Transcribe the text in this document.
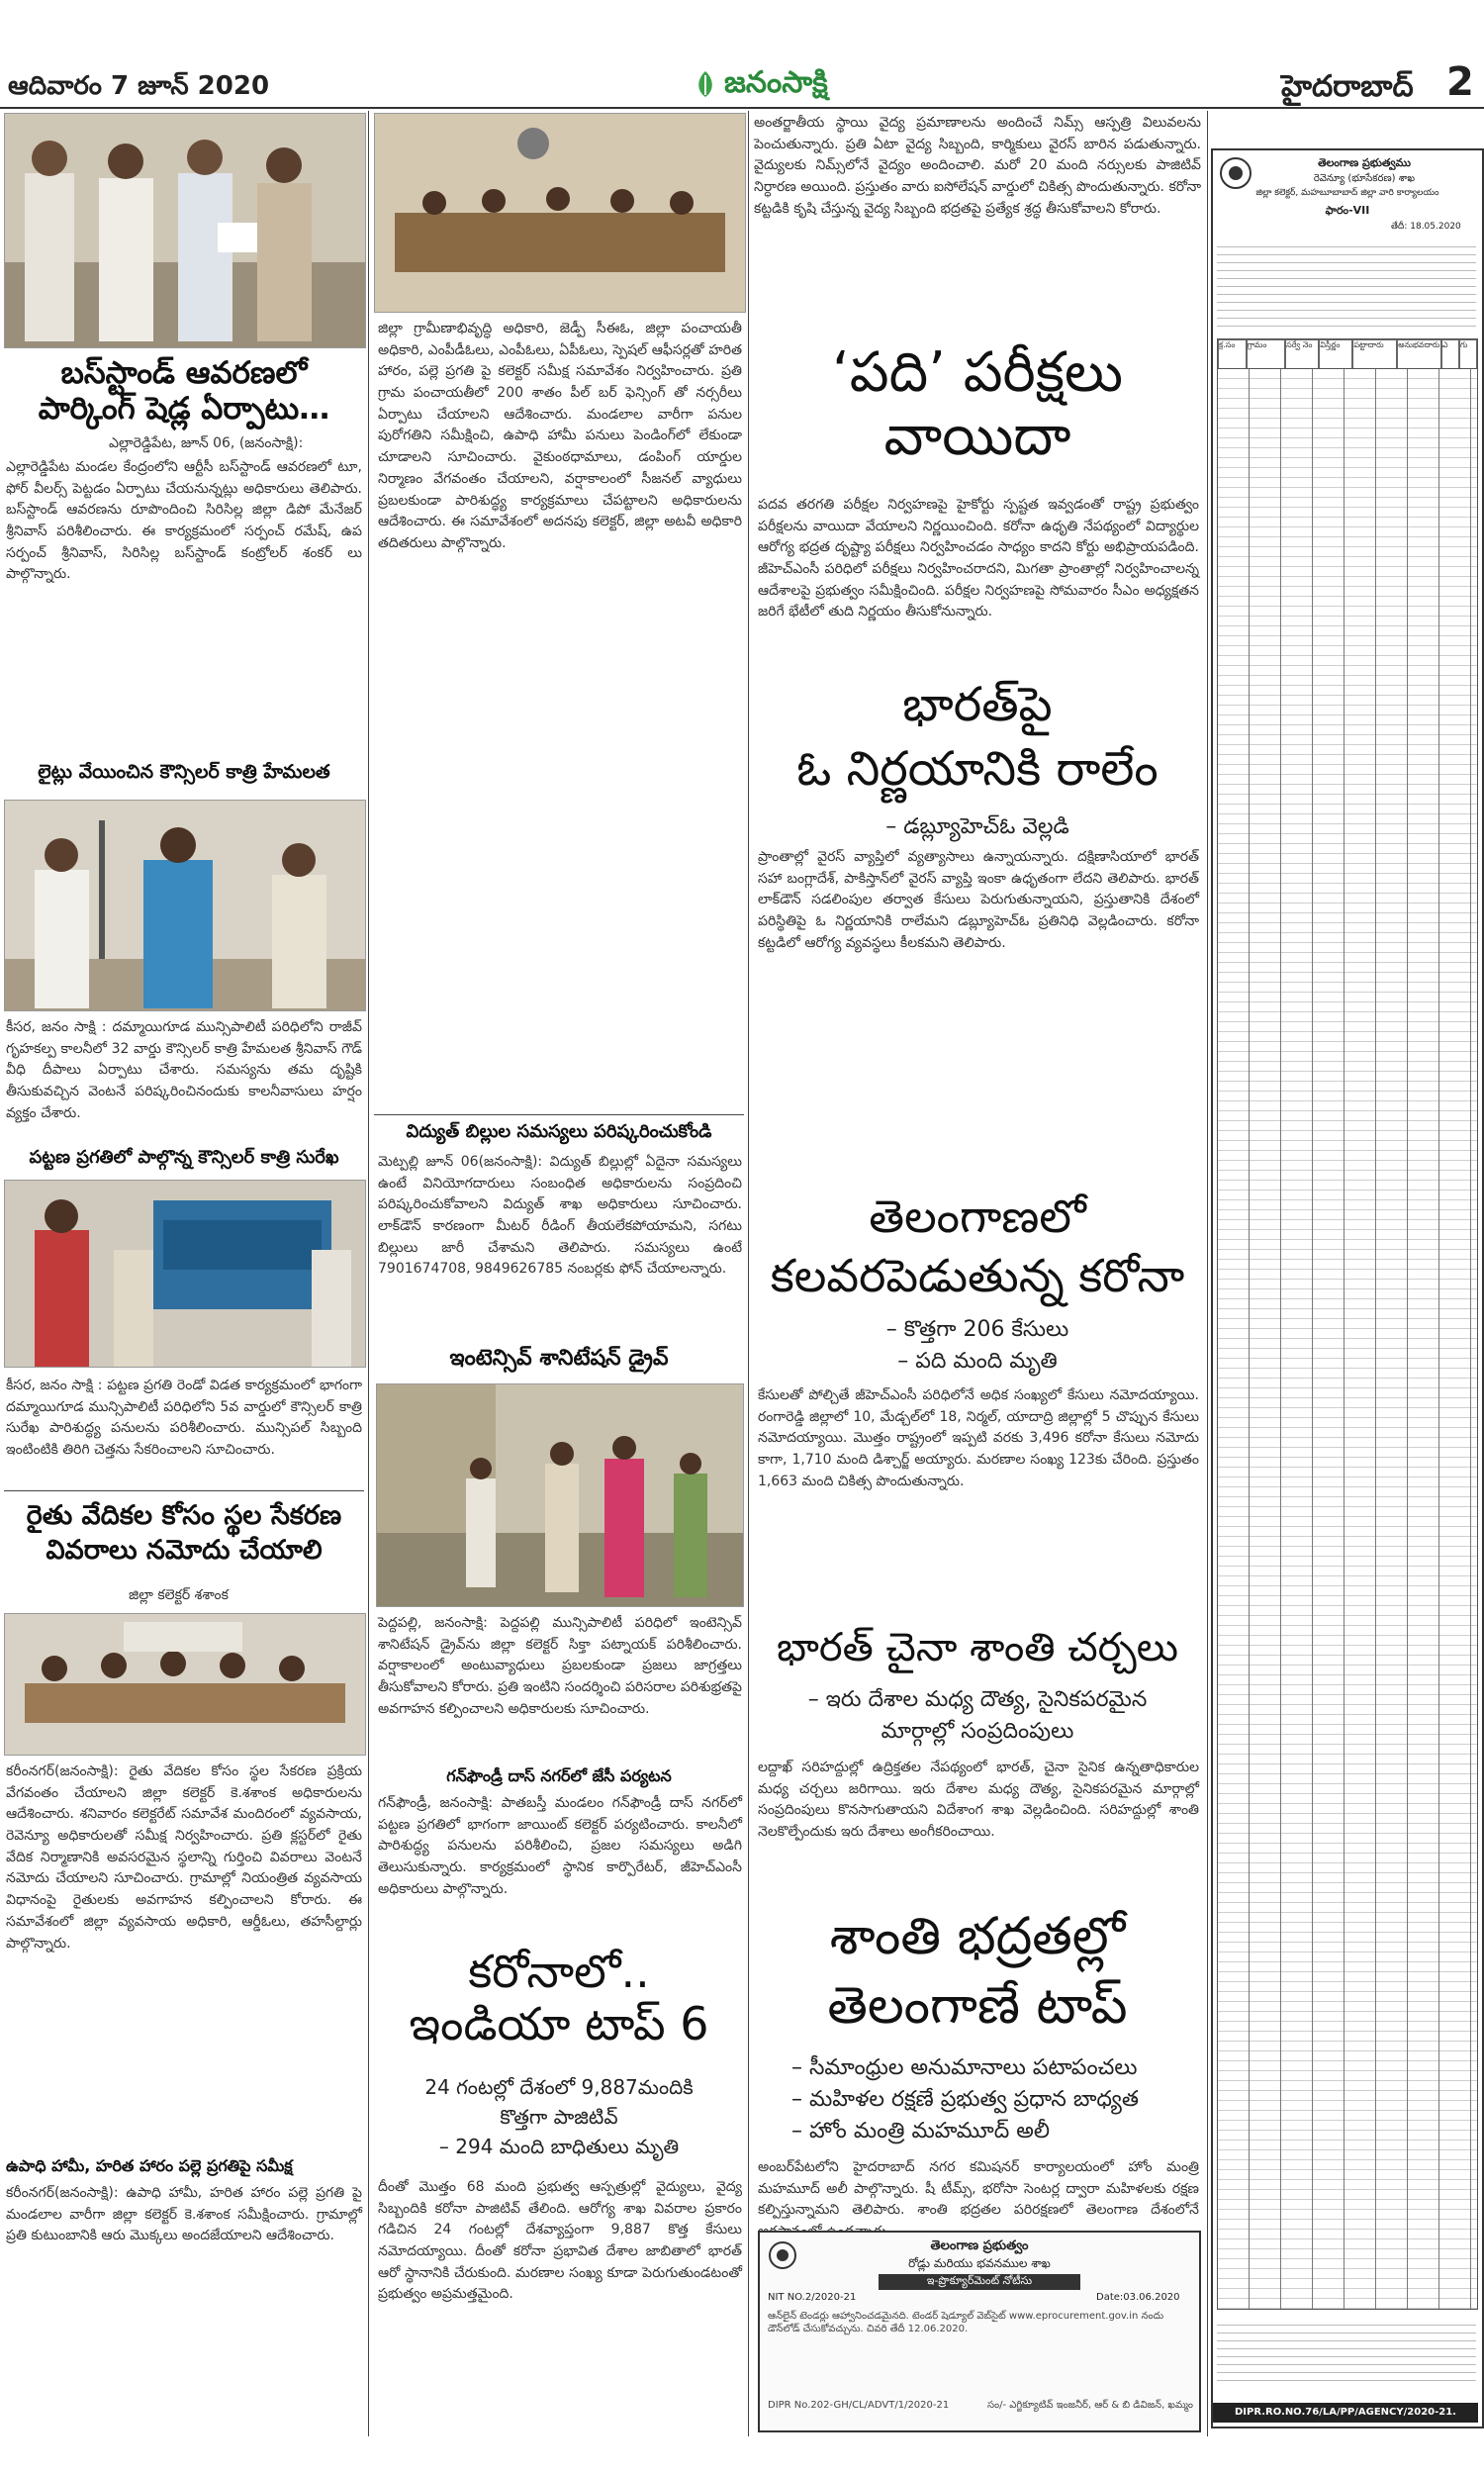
ఆదివారం 7 జూన్ 2020	జనంసాక్షి	హైదరాబాద్ 2
బస్‌స్టాండ్ ఆవరణలో
పార్కింగ్ షెడ్ల ఏర్పాటు…
ఎల్లారెడ్డిపేట, జూన్ 06, (జనంసాక్షి):
ఎల్లారెడ్డిపేట మండల కేంద్రంలోని ఆర్టీసీ బస్‌స్టాండ్ ఆవరణలో టూ, ఫోర్ వీలర్స్ పెట్టడం ఏర్పాటు చేయనున్నట్లు అధికారులు తెలిపారు. బస్‌స్టాండ్ ఆవరణను రూపొందించి సిరిసిల్ల జిల్లా డిపో మేనేజర్ శ్రీనివాస్ పరిశీలించారు. ఈ కార్యక్రమంలో సర్పంచ్ రమేష్, ఉప సర్పంచ్ శ్రీనివాస్, సిరిసిల్ల బస్‌స్టాండ్ కంట్రోలర్ శంకర్ లు పాల్గొన్నారు.
లైట్లు వేయించిన కౌన్సిలర్ కాత్రి హేమలత
కీసర, జనం సాక్షి : దమ్మాయిగూడ మున్సిపాలిటీ పరిధిలోని రాజీవ్ గృహకల్ప కాలనీలో 32 వార్డు కౌన్సిలర్ కాత్రి హేమలత శ్రీనివాస్ గౌడ్ వీధి దీపాలు ఏర్పాటు చేశారు. సమస్యను తమ దృష్టికి తీసుకువచ్చిన వెంటనే పరిష్కరించినందుకు కాలనీవాసులు హర్షం వ్యక్తం చేశారు.
పట్టణ ప్రగతిలో పాల్గొన్న కౌన్సిలర్ కాత్రి సురేఖ
కీసర, జనం సాక్షి : పట్టణ ప్రగతి రెండో విడత కార్యక్రమంలో భాగంగా దమ్మాయిగూడ మున్సిపాలిటీ పరిధిలోని 5వ వార్డులో కౌన్సిలర్ కాత్రి సురేఖ పారిశుద్ధ్య పనులను పరిశీలించారు. మున్సిపల్ సిబ్బంది ఇంటింటికి తిరిగి చెత్తను సేకరించాలని సూచించారు.
రైతు వేదికల కోసం స్థల సేకరణ
వివరాలు నమోదు చేయాలి
జిల్లా కలెక్టర్ శశాంక
కరీంనగర్(జనంసాక్షి): రైతు వేదికల కోసం స్థల సేకరణ ప్రక్రియ వేగవంతం చేయాలని జిల్లా కలెక్టర్ కె.శశాంక అధికారులను ఆదేశించారు. శనివారం కలెక్టరేట్ సమావేశ మందిరంలో వ్యవసాయ, రెవెన్యూ అధికారులతో సమీక్ష నిర్వహించారు. ప్రతి క్లస్టర్‌లో రైతు వేదిక నిర్మాణానికి అవసరమైన స్థలాన్ని గుర్తించి వివరాలు వెంటనే నమోదు చేయాలని సూచించారు. గ్రామాల్లో నియంత్రిత వ్యవసాయ విధానంపై రైతులకు అవగాహన కల్పించాలని కోరారు. ఈ సమావేశంలో జిల్లా వ్యవసాయ అధికారి, ఆర్డీఓలు, తహసీల్దార్లు పాల్గొన్నారు.
ఉపాధి హామీ, హరిత హారం పల్లె ప్రగతిపై సమీక్ష
కరీంనగర్(జనంసాక్షి): ఉపాధి హామీ, హరిత హారం పల్లె ప్రగతి పై మండలాల వారీగా జిల్లా కలెక్టర్ కె.శశాంక సమీక్షించారు. గ్రామాల్లో ప్రతి కుటుంబానికి ఆరు మొక్కలు అందజేయాలని ఆదేశించారు.
జిల్లా గ్రామీణాభివృద్ధి అధికారి, జెడ్పీ సీఈఓ, జిల్లా పంచాయతీ అధికారి, ఎంపీడీఓలు, ఎంపీఓలు, ఏపీఓలు, స్పెషల్ ఆఫీసర్లతో హరిత హారం, పల్లె ప్రగతి పై కలెక్టర్ సమీక్ష సమావేశం నిర్వహించారు. ప్రతి గ్రామ పంచాయతీలో 200 శాతం పీల్ బర్ ఫెన్సింగ్ తో నర్సరీలు ఏర్పాటు చేయాలని ఆదేశించారు. మండలాల వారీగా పనుల పురోగతిని సమీక్షించి, ఉపాధి హామీ పనులు పెండింగ్‌లో లేకుండా చూడాలని సూచించారు. వైకుంఠధామాలు, డంపింగ్ యార్డుల నిర్మాణం వేగవంతం చేయాలని, వర్షాకాలంలో సీజనల్ వ్యాధులు ప్రబలకుండా పారిశుద్ధ్య కార్యక్రమాలు చేపట్టాలని అధికారులను ఆదేశించారు. ఈ సమావేశంలో అదనపు కలెక్టర్, జిల్లా అటవీ అధికారి తదితరులు పాల్గొన్నారు.
విద్యుత్ బిల్లుల సమస్యలు పరిష్కరించుకోండి
మెట్పల్లి జూన్ 06(జనంసాక్షి): విద్యుత్ బిల్లుల్లో ఏదైనా సమస్యలు ఉంటే వినియోగదారులు సంబంధిత అధికారులను సంప్రదించి పరిష్కరించుకోవాలని విద్యుత్ శాఖ అధికారులు సూచించారు. లాక్‌డౌన్ కారణంగా మీటర్ రీడింగ్ తీయలేకపోయామని, సగటు బిల్లులు జారీ చేశామని తెలిపారు. సమస్యలు ఉంటే 7901674708, 9849626785 నంబర్లకు ఫోన్ చేయాలన్నారు.
ఇంటెన్సివ్ శానిటేషన్ డ్రైవ్
పెద్దపల్లి, జనంసాక్షి: పెద్దపల్లి మున్సిపాలిటీ పరిధిలో ఇంటెన్సివ్ శానిటేషన్ డ్రైవ్‌ను జిల్లా కలెక్టర్ సిక్తా పట్నాయక్ పరిశీలించారు. వర్షాకాలంలో అంటువ్యాధులు ప్రబలకుండా ప్రజలు జాగ్రత్తలు తీసుకోవాలని కోరారు. ప్రతి ఇంటిని సందర్శించి పరిసరాల పరిశుభ్రతపై అవగాహన కల్పించాలని అధికారులకు సూచించారు.
గన్‌ఫౌండ్రీ దాస్ నగర్‌లో జేసీ పర్యటన
గన్‌ఫౌండ్రీ, జనంసాక్షి: పాతబస్తీ మండలం గన్‌ఫౌండ్రీ దాస్ నగర్‌లో పట్టణ ప్రగతిలో భాగంగా జాయింట్ కలెక్టర్ పర్యటించారు. కాలనీలో పారిశుద్ధ్య పనులను పరిశీలించి, ప్రజల సమస్యలు అడిగి తెలుసుకున్నారు. కార్యక్రమంలో స్థానిక కార్పొరేటర్, జీహెచ్ఎంసీ అధికారులు పాల్గొన్నారు.
కరోనాలో..
ఇండియా టాప్ 6
24 గంటల్లో దేశంలో 9,887మందికి
కొత్తగా పాజిటివ్
– 294 మంది బాధితులు మృతి
దీంతో మొత్తం 68 మంది ప్రభుత్వ ఆస్పత్రుల్లో వైద్యులు, వైద్య సిబ్బందికి కరోనా పాజిటివ్ తేలింది. ఆరోగ్య శాఖ వివరాల ప్రకారం గడిచిన 24 గంటల్లో దేశవ్యాప్తంగా 9,887 కొత్త కేసులు నమోదయ్యాయి. దీంతో కరోనా ప్రభావిత దేశాల జాబితాలో భారత్ ఆరో స్థానానికి చేరుకుంది. మరణాల సంఖ్య కూడా పెరుగుతుండటంతో ప్రభుత్వం అప్రమత్తమైంది.
అంతర్జాతీయ స్థాయి వైద్య ప్రమాణాలను అందించే నిమ్స్ ఆస్పత్రి విలువలను పెంచుతున్నారు. ప్రతి ఏటా వైద్య సిబ్బంది, కార్మికులు వైరస్ బారిన పడుతున్నారు. వైద్యులకు నిమ్స్‌లోనే వైద్యం అందించాలి. మరో 20 మంది నర్సులకు పాజిటివ్ నిర్ధారణ అయింది. ప్రస్తుతం వారు ఐసోలేషన్ వార్డులో చికిత్స పొందుతున్నారు. కరోనా కట్టడికి కృషి చేస్తున్న వైద్య సిబ్బంది భద్రతపై ప్రత్యేక శ్రద్ధ తీసుకోవాలని కోరారు.
‘పది’ పరీక్షలు
వాయిదా
పదవ తరగతి పరీక్షల నిర్వహణపై హైకోర్టు స్పష్టత ఇవ్వడంతో రాష్ట్ర ప్రభుత్వం పరీక్షలను వాయిదా వేయాలని నిర్ణయించింది. కరోనా ఉధృతి నేపథ్యంలో విద్యార్థుల ఆరోగ్య భద్రత దృష్ట్యా పరీక్షలు నిర్వహించడం సాధ్యం కాదని కోర్టు అభిప్రాయపడింది. జీహెచ్ఎంసీ పరిధిలో పరీక్షలు నిర్వహించరాదని, మిగతా ప్రాంతాల్లో నిర్వహించాలన్న ఆదేశాలపై ప్రభుత్వం సమీక్షించింది. పరీక్షల నిర్వహణపై సోమవారం సీఎం అధ్యక్షతన జరిగే భేటీలో తుది నిర్ణయం తీసుకోనున్నారు.
భారత్‌పై
ఓ నిర్ణయానికి రాలేం
– డబ్ల్యూహెచ్ఓ వెల్లడి
ప్రాంతాల్లో వైరస్ వ్యాప్తిలో వ్యత్యాసాలు ఉన్నాయన్నారు. దక్షిణాసియాలో భారత్ సహా బంగ్లాదేశ్, పాకిస్తాన్‌లో వైరస్ వ్యాప్తి ఇంకా ఉధృతంగా లేదని తెలిపారు. భారత్ లాక్‌డౌన్ సడలింపుల తర్వాత కేసులు పెరుగుతున్నాయని, ప్రస్తుతానికి దేశంలో పరిస్థితిపై ఓ నిర్ణయానికి రాలేమని డబ్ల్యూహెచ్ఓ ప్రతినిధి వెల్లడించారు. కరోనా కట్టడిలో ఆరోగ్య వ్యవస్థలు కీలకమని తెలిపారు.
తెలంగాణలో
కలవరపెడుతున్న కరోనా
– కొత్తగా 206 కేసులు
– పది మంది మృతి
కేసులతో పోల్చితే జీహెచ్ఎంసీ పరిధిలోనే అధిక సంఖ్యలో కేసులు నమోదయ్యాయి. రంగారెడ్డి జిల్లాలో 10, మేడ్చల్‌లో 18, నిర్మల్, యాదాద్రి జిల్లాల్లో 5 చొప్పున కేసులు నమోదయ్యాయి. మొత్తం రాష్ట్రంలో ఇప్పటి వరకు 3,496 కరోనా కేసులు నమోదు కాగా, 1,710 మంది డిశ్చార్జ్ అయ్యారు. మరణాల సంఖ్య 123కు చేరింది. ప్రస్తుతం 1,663 మంది చికిత్స పొందుతున్నారు.
భారత్ చైనా శాంతి చర్చలు
– ఇరు దేశాల మధ్య దౌత్య, సైనికపరమైన
మార్గాల్లో సంప్రదింపులు
లద్దాఖ్ సరిహద్దుల్లో ఉద్రిక్తతల నేపథ్యంలో భారత్, చైనా సైనిక ఉన్నతాధికారుల మధ్య చర్చలు జరిగాయి. ఇరు దేశాల మధ్య దౌత్య, సైనికపరమైన మార్గాల్లో సంప్రదింపులు కొనసాగుతాయని విదేశాంగ శాఖ వెల్లడించింది. సరిహద్దుల్లో శాంతి నెలకొల్పేందుకు ఇరు దేశాలు అంగీకరించాయి.
శాంతి భద్రతల్లో
తెలంగాణే టాప్
– సీమాంధ్రుల అనుమానాలు పటాపంచలు
– మహిళల రక్షణే ప్రభుత్వ ప్రధాన బాధ్యత
– హోం మంత్రి మహమూద్ అలీ
అంబర్‌పేటలోని హైదరాబాద్ నగర కమిషనర్ కార్యాలయంలో హోం మంత్రి మహమూద్ అలీ పాల్గొన్నారు. షీ టీమ్స్, భరోసా సెంటర్ల ద్వారా మహిళలకు రక్షణ కల్పిస్తున్నామని తెలిపారు. శాంతి భద్రతల పరిరక్షణలో తెలంగాణ దేశంలోనే
తెలంగాణ ప్రభుత్వం
రోడ్లు మరియు భవనముల శాఖ
ఇ-ప్రొక్యూర్‌మెంట్ నోటీసు
NIT NO.2/2020-21	Date:03.06.2020
ఆన్‌లైన్ టెండర్లు ఆహ్వానించడమైనది. టెండర్ షెడ్యూల్ వెబ్‌సైట్ www.eprocurement.gov.in నందు డౌన్‌లోడ్ చేసుకోవచ్చును. చివరి తేదీ 12.06.2020.
DIPR No.202-GH/CL/ADVT/1/2020-21	సం/- ఎగ్జిక్యూటివ్ ఇంజనీర్, ఆర్ & బి డివిజన్, ఖమ్మం
తెలంగాణ ప్రభుత్వము
రెవెన్యూ (భూసేకరణ) శాఖ
జిల్లా కలెక్టర్, మహబూబాబాద్ జిల్లా వారి కార్యాలయం
ఫారం-VII
తేదీ: 18.05.2020
క్ర.సం	గ్రామం	సర్వే నెం విస్తీర్ణం	పట్టాదారు	అనుభవదారు ఎ	గు
DIPR.RO.NO.76/LA/PP/AGENCY/2020-21.
